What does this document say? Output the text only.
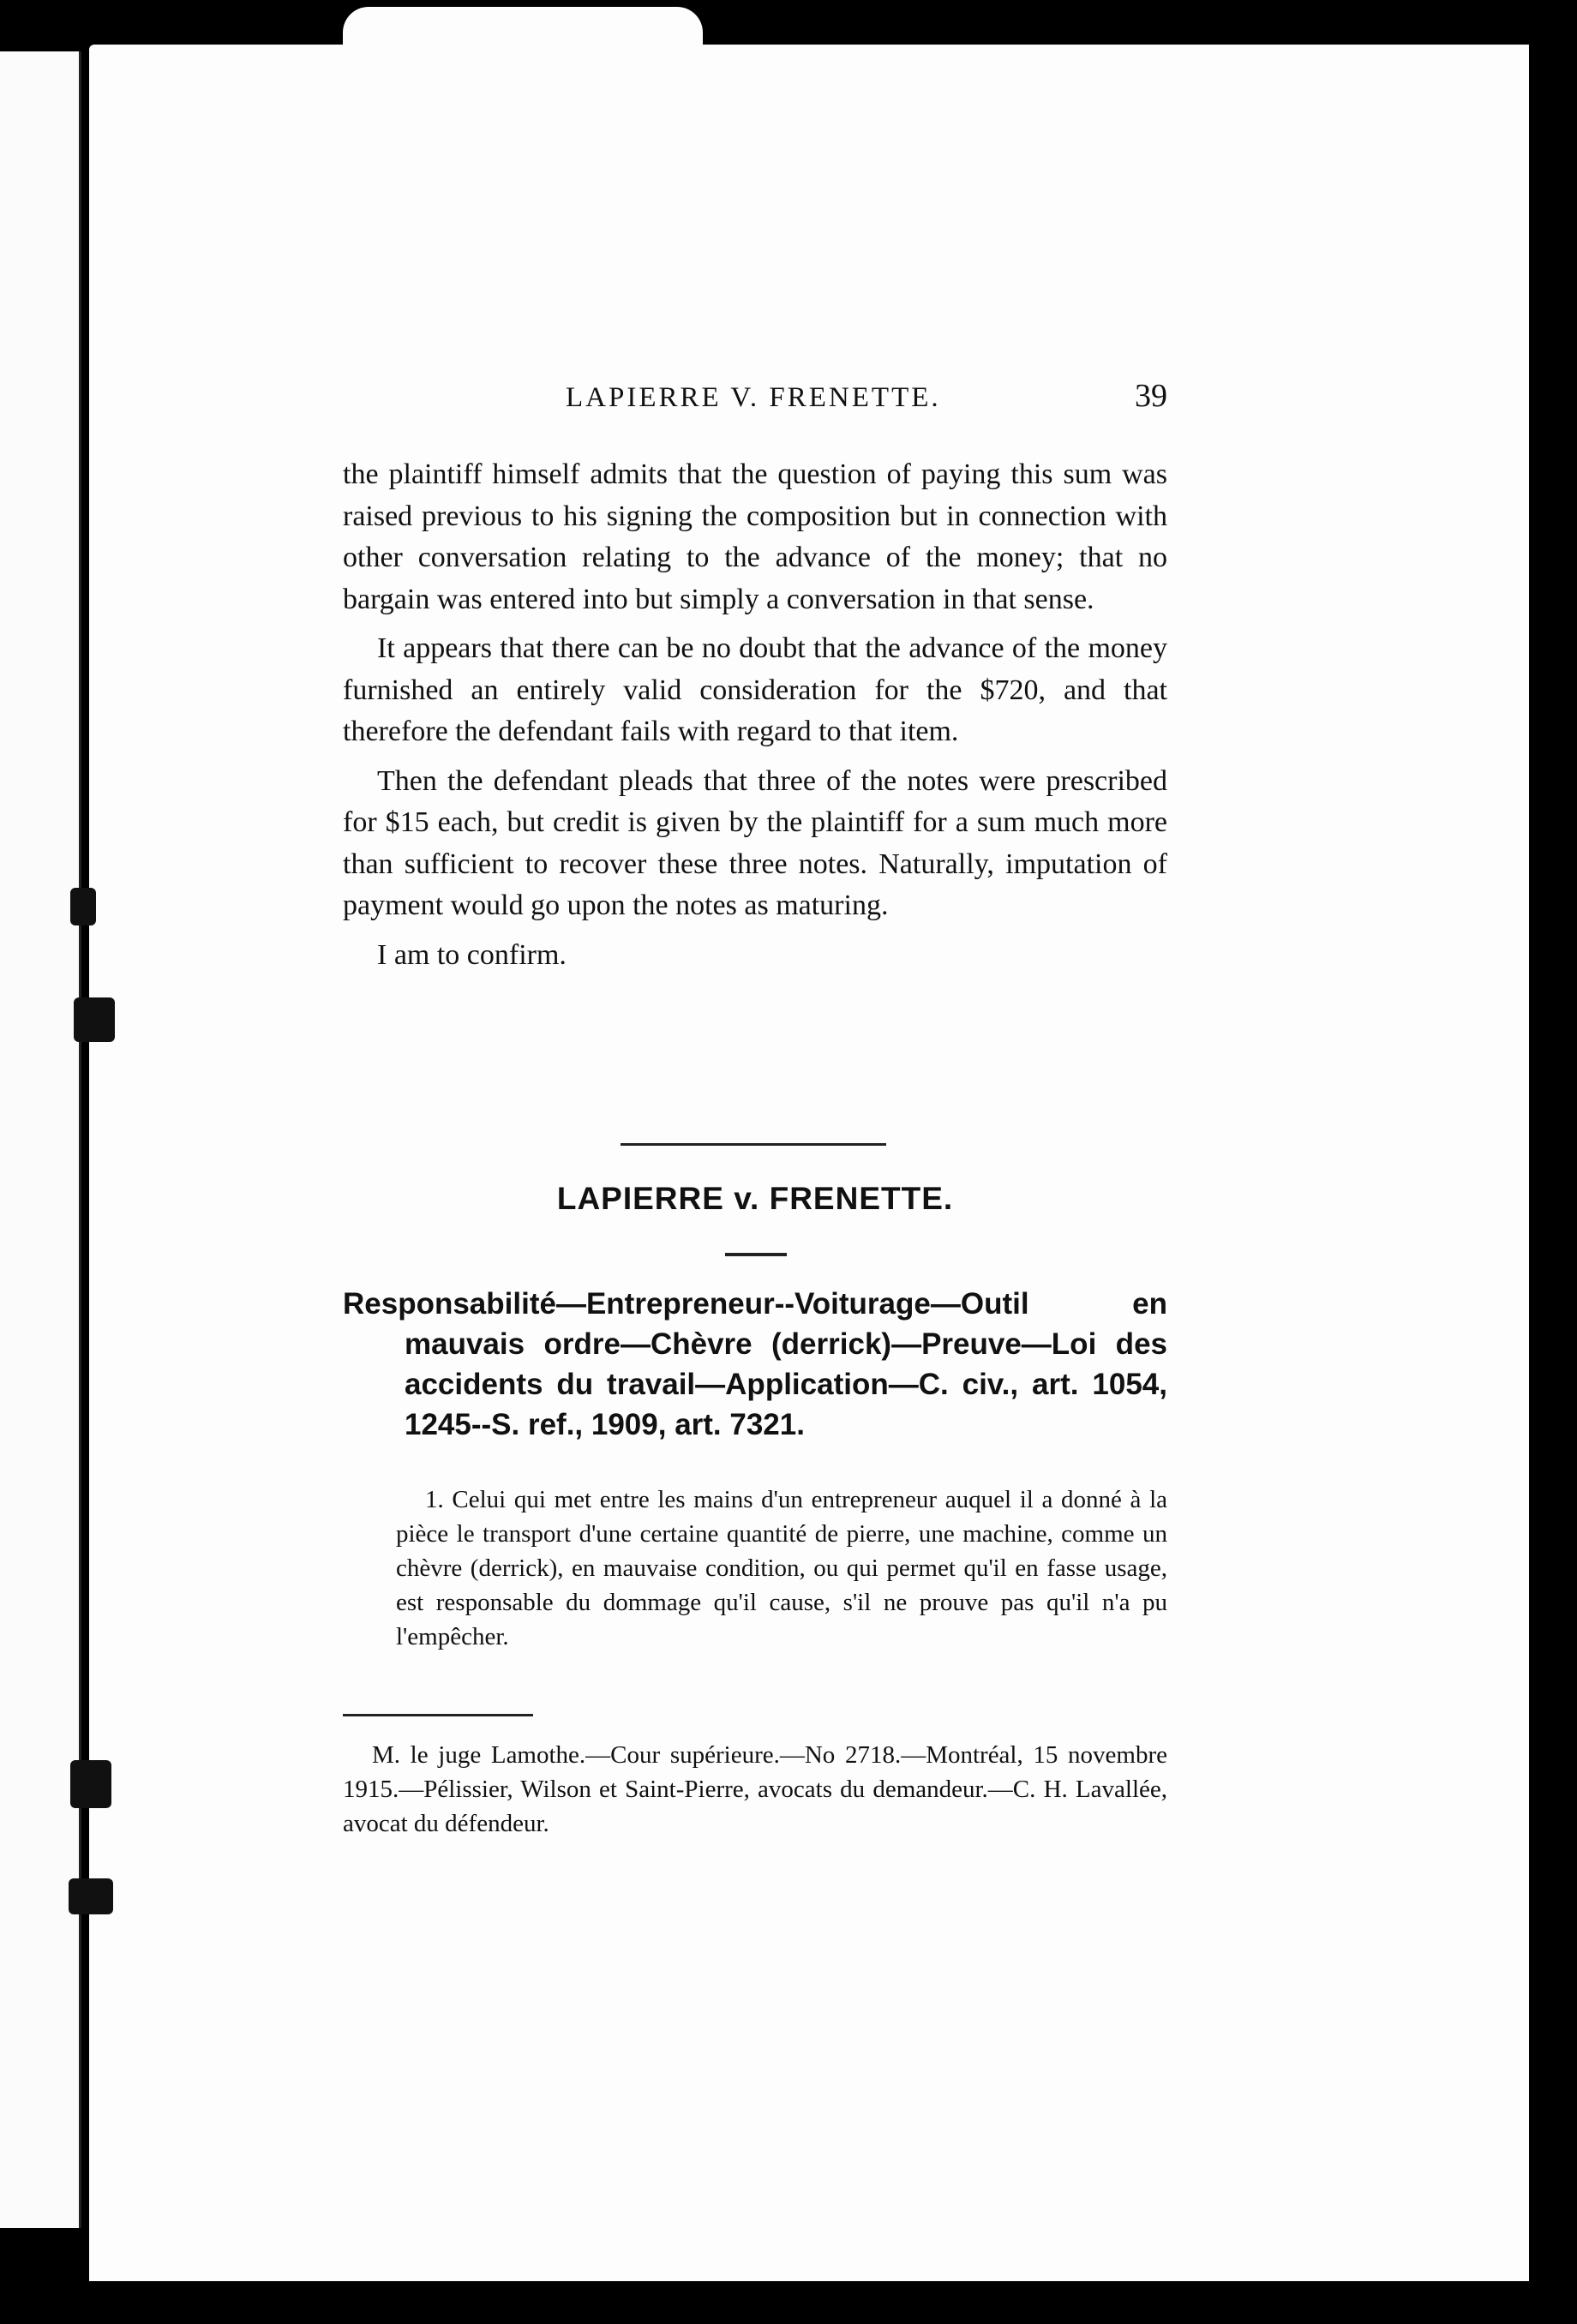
LAPIERRE V. FRENETTE.	39

the plaintiff himself admits that the question of paying this sum was raised previous to his signing the composition but in connection with other conversation relating to the advance of the money; that no bargain was entered into but simply a conversation in that sense.

It appears that there can be no doubt that the advance of the money furnished an entirely valid consideration for the $720, and that therefore the defendant fails with regard to that item.

Then the defendant pleads that three of the notes were prescribed for $15 each, but credit is given by the plaintiff for a sum much more than sufficient to recover these three notes. Naturally, imputation of payment would go upon the notes as maturing.

I am to confirm.

LAPIERRE v. FRENETTE.
Responsabilité—Entrepreneur--Voiturage—Outil en mauvais ordre—Chèvre (derrick)—Preuve—Loi des accidents du travail—Application—C. civ., art. 1054, 1245--S. ref., 1909, art. 7321.
1. Celui qui met entre les mains d'un entrepreneur auquel il a donné à la pièce le transport d'une certaine quantité de pierre, une machine, comme un chèvre (derrick), en mauvaise condition, ou qui permet qu'il en fasse usage, est responsable du dommage qu'il cause, s'il ne prouve pas qu'il n'a pu l'empêcher.
M. le juge Lamothe.—Cour supérieure.—No 2718.—Montréal, 15 novembre 1915.—Pélissier, Wilson et Saint-Pierre, avocats du demandeur.—C. H. Lavallée, avocat du défendeur.
